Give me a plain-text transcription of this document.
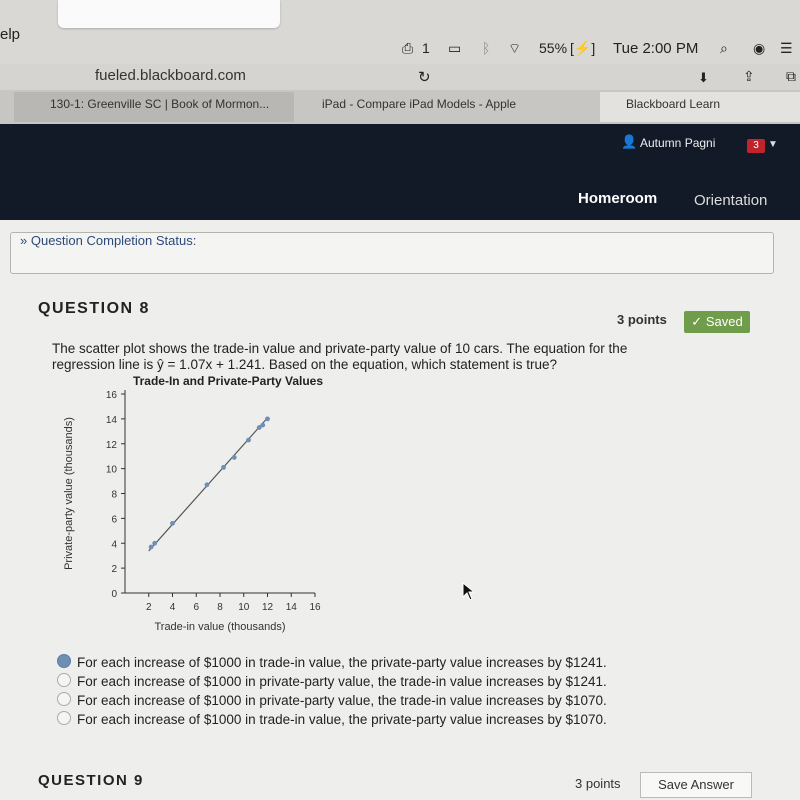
elp
⎙ 1 ▭ ᛒ ⌔ 55% [⚡] Tue 2:00 PM ⌕ ◉ ☰
fueled.blackboard.com	↻	⬇ ⇪ ⧉
130-1: Greenville SC | Book of Mormon...	iPad - Compare iPad Models - Apple	Blackboard Learn
👤 Autumn Pagni	3 ▼
Homeroom Orientation
» Question Completion Status:
QUESTION 8
3 points	✓ Saved
The scatter plot shows the trade-in value and private-party value of 10 cars. The equation for the
regression line is ŷ = 1.07x + 1.241. Based on the equation, which statement is true?
Trade-In and Private-Party Values
0
2
4
6
8
10
12
14
16
2 4 6 8 10 12 14 16
Trade-in value (thousands)
Private-party value (thousands)
For each increase of $1000 in trade-in value, the private-party value increases by $1241.
For each increase of $1000 in private-party value, the trade-in value increases by $1241.
For each increase of $1000 in private-party value, the trade-in value increases by $1070.
For each increase of $1000 in trade-in value, the private-party value increases by $1070.
QUESTION 9	3 points	Save Answer
